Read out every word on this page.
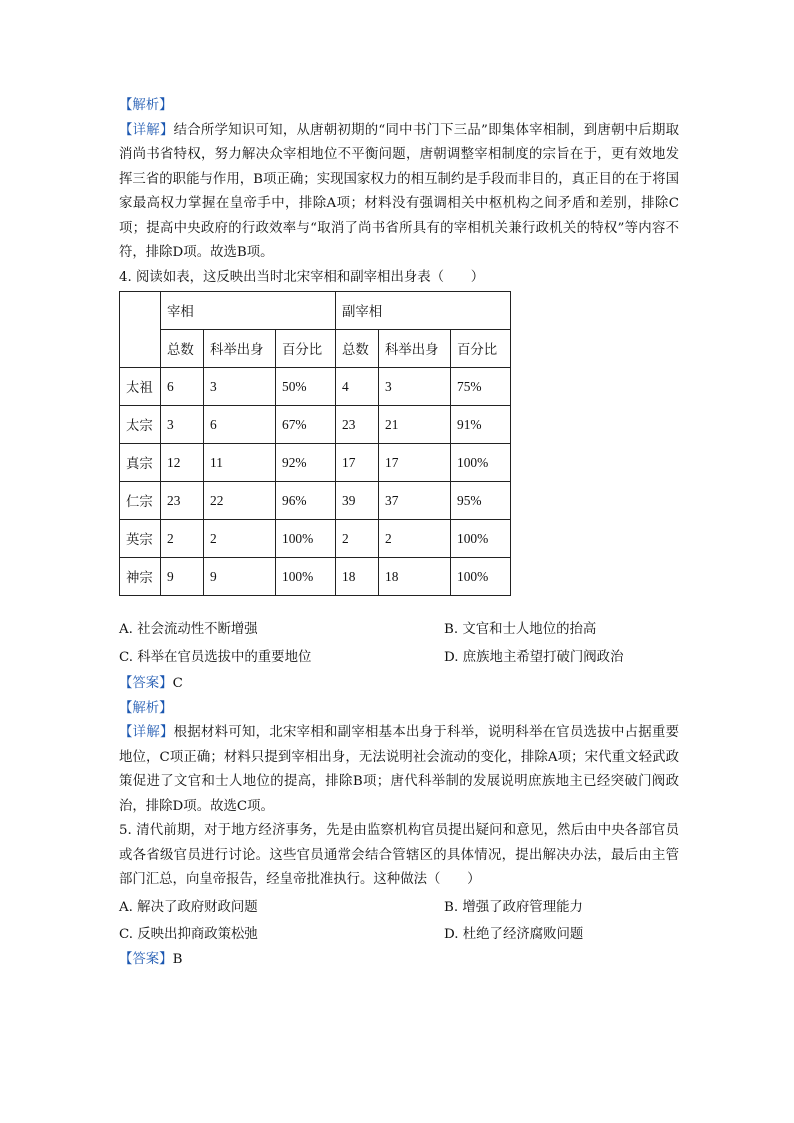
【解析】
【详解】结合所学知识可知，从唐朝初期的“同中书门下三品”即集体宰相制，到唐朝中后期取消尚书省特权，努力解决众宰相地位不平衡问题，唐朝调整宰相制度的宗旨在于，更有效地发挥三省的职能与作用，B项正确；实现国家权力的相互制约是手段而非目的，真正目的在于将国家最高权力掌握在皇帝手中，排除A项；材料没有强调相关中枢机构之间矛盾和差别，排除C项；提高中央政府的行政效率与“取消了尚书省所具有的宰相机关兼行政机关的特权”等内容不符，排除D项。故选B项。
4. 阅读如表，这反映出当时北宋宰相和副宰相出身表（　　）
	宰相			副宰相		
	总数	科举出身	百分比	总数	科举出身	百分比
太祖	6	3	50%	4	3	75%
太宗	3	6	67%	23	21	91%
真宗	12	11	92%	17	17	100%
仁宗	23	22	96%	39	37	95%
英宗	2	2	100%	2	2	100%
神宗	9	9	100%	18	18	100%
A. 社会流动性不断增强	B. 文官和士人地位的抬高
C. 科举在官员选拔中的重要地位	D. 庶族地主希望打破门阀政治
【答案】C
【解析】
【详解】根据材料可知，北宋宰相和副宰相基本出身于科举，说明科举在官员选拔中占据重要地位，C项正确；材料只提到宰相出身，无法说明社会流动的变化，排除A项；宋代重文轻武政策促进了文官和士人地位的提高，排除B项；唐代科举制的发展说明庶族地主已经突破门阀政治，排除D项。故选C项。
5. 清代前期，对于地方经济事务，先是由监察机构官员提出疑问和意见，然后由中央各部官员或各省级官员进行讨论。这些官员通常会结合管辖区的具体情况，提出解决办法，最后由主管部门汇总，向皇帝报告，经皇帝批准执行。这种做法（　　）
A. 解决了政府财政问题	B. 增强了政府管理能力
C. 反映出抑商政策松弛	D. 杜绝了经济腐败问题
【答案】B
